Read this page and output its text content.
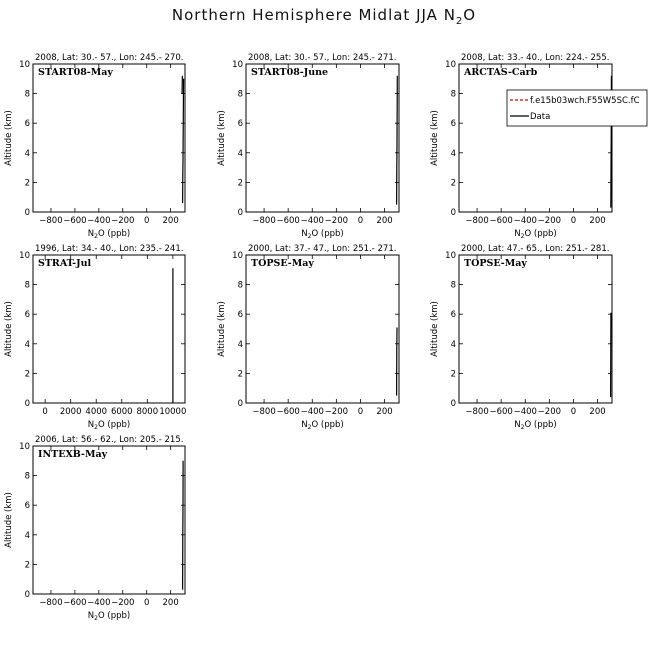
Northern Hemisphere Midlat JJA $N_2O$
2008, Lat: 30.- 57., Lon: 245.- 270.
START08-May
0
2
4
6
8
10
−800 −600 −400 −200 0 200
$N_2O$ (ppb)
Altitude (km)
2008, Lat: 30.- 57., Lon: 245.- 271.
START08-June
0
2
4
6
8
10
−800 −600 −400 −200 0 200
$N_2O$ (ppb)
Altitude (km)
2008, Lat: 33.- 40., Lon: 224.- 255.
ARCTAS-Carb
0
2
4
6
8
10
−800 −600 −400 −200 0 200
$N_2O$ (ppb)
Altitude (km)
f.e15b03wch.F55W5SC.fC
Data
1996, Lat: 34.- 40., Lon: 235.- 241.
STRAT-Jul
0
2
4
6
8
10
0 2000 4000 6000 8000 10000
$N_2O$ (ppb)
Altitude (km)
2000, Lat: 37.- 47., Lon: 251.- 271.
TOPSE-May
0
2
4
6
8
10
−800 −600 −400 −200 0 200
$N_2O$ (ppb)
Altitude (km)
2000, Lat: 47.- 65., Lon: 251.- 281.
TOPSE-May
0
2
4
6
8
10
−800 −600 −400 −200 0 200
$N_2O$ (ppb)
Altitude (km)
2006, Lat: 56.- 62., Lon: 205.- 215.
INTEXB-May
0
2
4
6
8
10
−800 −600 −400 −200 0 200
$N_2O$ (ppb)
Altitude (km)
